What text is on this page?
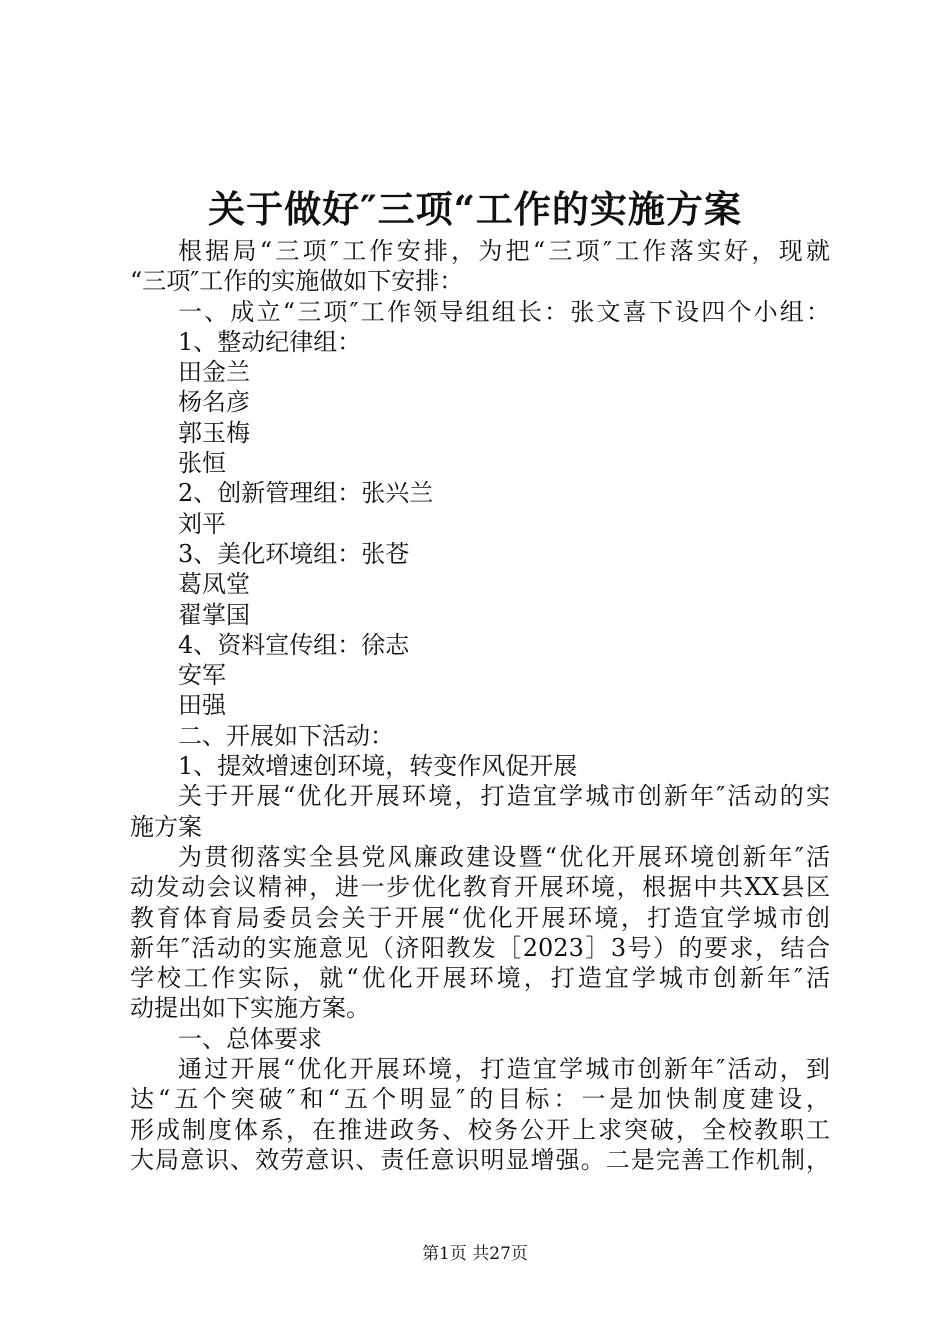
关于做好″三项“工作的实施方案
根据局“三项″工作安排，为把“三项″工作落实好，现就
“三项″工作的实施做如下安排：
一、成立“三项″工作领导组组长：张文喜下设四个小组：
1、整动纪律组：
田金兰
杨名彦
郭玉梅
张恒
2、创新管理组：张兴兰
刘平
3、美化环境组：张苍
葛凤堂
翟掌国
4、资料宣传组：徐志
安军
田强
二、开展如下活动：
1、提效增速创环境，转变作风促开展
关于开展“优化开展环境，打造宜学城市创新年″活动的实
施方案
为贯彻落实全县党风廉政建设暨“优化开展环境创新年″活
动发动会议精神，进一步优化教育开展环境，根据中共XX县区
教育体育局委员会关于开展“优化开展环境，打造宜学城市创
新年″活动的实施意见（济阳教发［2023］3号）的要求，结合
学校工作实际，就“优化开展环境，打造宜学城市创新年″活
动提出如下实施方案。
一、总体要求
通过开展“优化开展环境，打造宜学城市创新年″活动，到
达“五个突破″和“五个明显″的目标：一是加快制度建设，
形成制度体系，在推进政务、校务公开上求突破，全校教职工
大局意识、效劳意识、责任意识明显增强。二是完善工作机制，
第1页 共27页
